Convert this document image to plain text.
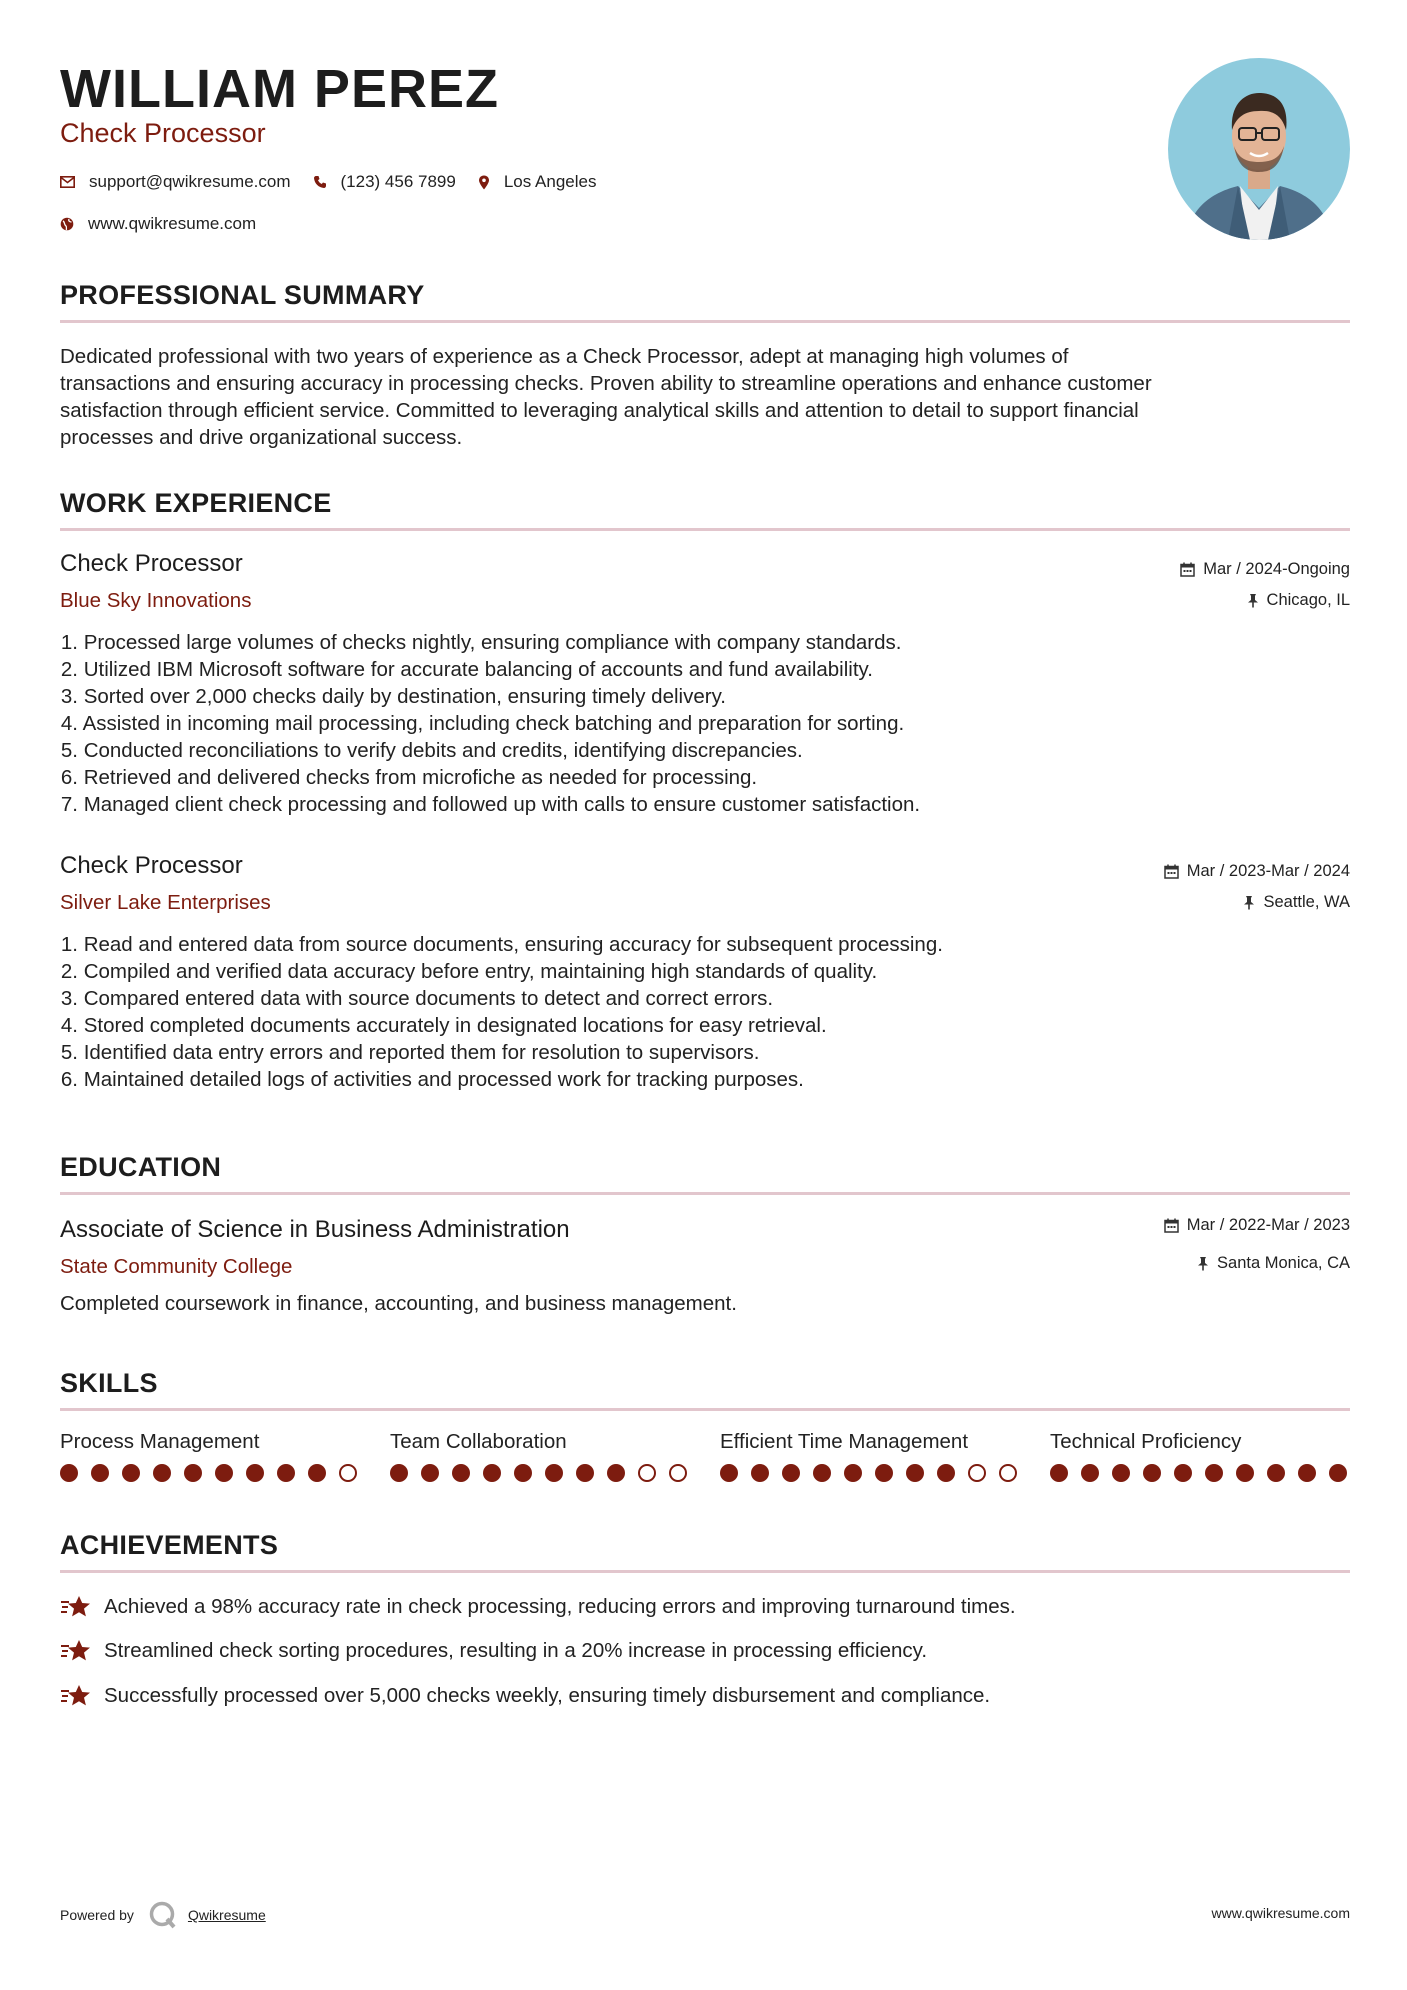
WILLIAM PEREZ
Check Processor
support@qwikresume.com	(123) 456 7899	Los Angeles
www.qwikresume.com
PROFESSIONAL SUMMARY
Dedicated professional with two years of experience as a Check Processor, adept at managing high volumes of
transactions and ensuring accuracy in processing checks. Proven ability to streamline operations and enhance customer
satisfaction through efficient service. Committed to leveraging analytical skills and attention to detail to support financial
processes and drive organizational success.
WORK EXPERIENCE
Check Processor
Blue Sky Innovations
Mar / 2024-Ongoing
Chicago, IL
1. Processed large volumes of checks nightly, ensuring compliance with company standards.
2. Utilized IBM Microsoft software for accurate balancing of accounts and fund availability.
3. Sorted over 2,000 checks daily by destination, ensuring timely delivery.
4. Assisted in incoming mail processing, including check batching and preparation for sorting.
5. Conducted reconciliations to verify debits and credits, identifying discrepancies.
6. Retrieved and delivered checks from microfiche as needed for processing.
7. Managed client check processing and followed up with calls to ensure customer satisfaction.
Check Processor
Silver Lake Enterprises
Mar / 2023-Mar / 2024
Seattle, WA
1. Read and entered data from source documents, ensuring accuracy for subsequent processing.
2. Compiled and verified data accuracy before entry, maintaining high standards of quality.
3. Compared entered data with source documents to detect and correct errors.
4. Stored completed documents accurately in designated locations for easy retrieval.
5. Identified data entry errors and reported them for resolution to supervisors.
6. Maintained detailed logs of activities and processed work for tracking purposes.
EDUCATION
Associate of Science in Business Administration
State Community College
Mar / 2022-Mar / 2023
Santa Monica, CA
Completed coursework in finance, accounting, and business management.
SKILLS
Process Management	Team Collaboration	Efficient Time Management	Technical Proficiency
ACHIEVEMENTS
Achieved a 98% accuracy rate in check processing, reducing errors and improving turnaround times.
Streamlined check sorting procedures, resulting in a 20% increase in processing efficiency.
Successfully processed over 5,000 checks weekly, ensuring timely disbursement and compliance.
Powered by	Qwikresume	www.qwikresume.com
